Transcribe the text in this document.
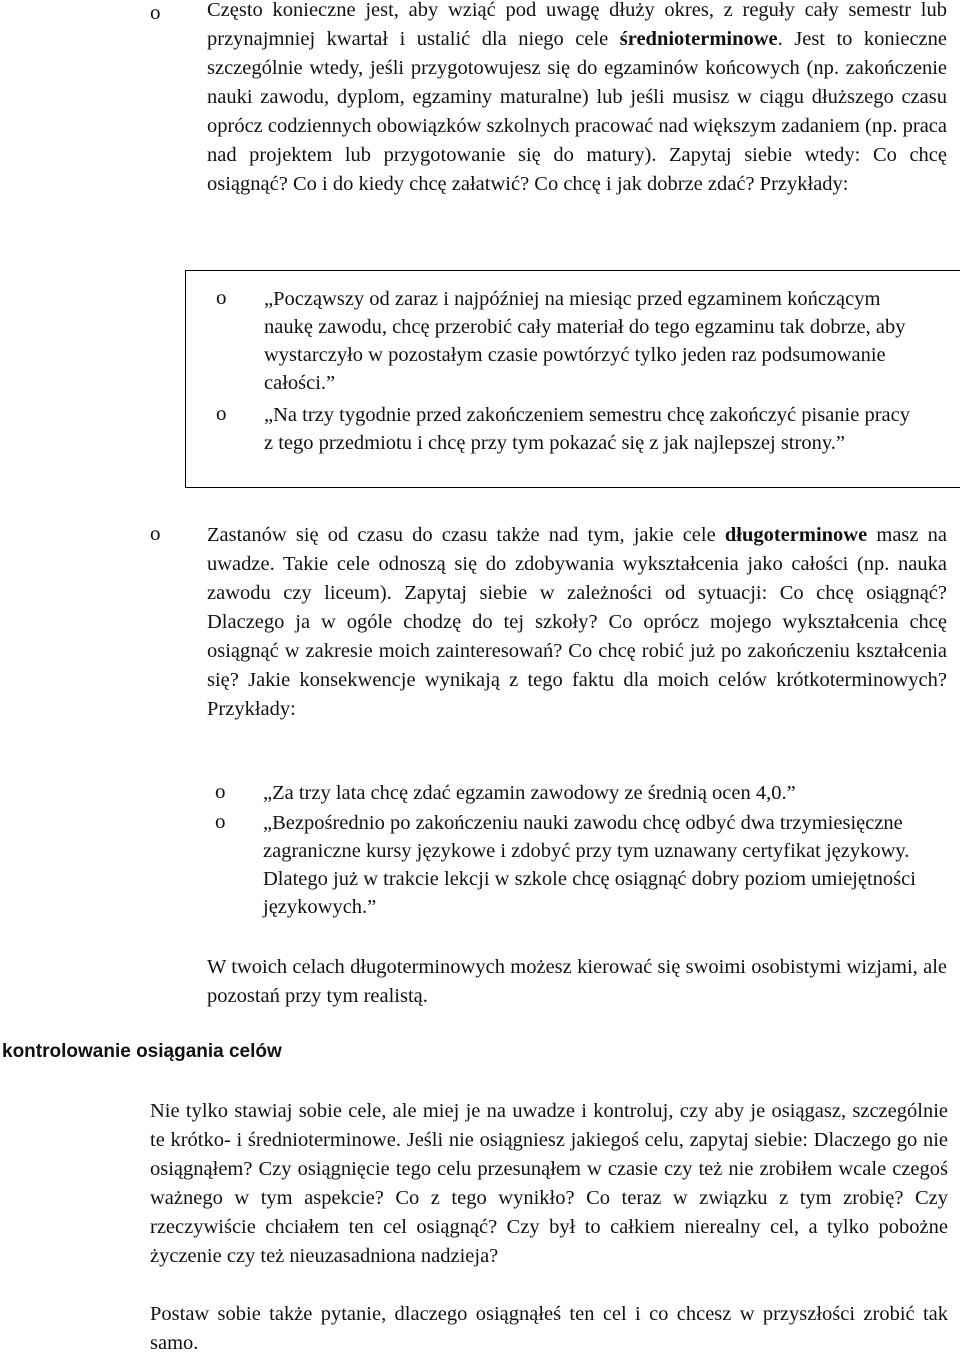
o Często konieczne jest, aby wziąć pod uwagę dłuży okres, z reguły cały semestr lub przynajmniej kwartał i ustalić dla niego cele średnioterminowe. Jest to konieczne szczególnie wtedy, jeśli przygotowujesz się do egzaminów końcowych (np. zakończenie nauki zawodu, dyplom, egzaminy maturalne) lub jeśli musisz w ciągu dłuższego czasu oprócz codziennych obowiązków szkolnych pracować nad większym zadaniem (np. praca nad projektem lub przygotowanie się do matury). Zapytaj siebie wtedy: Co chcę osiągnąć? Co i do kiedy chcę załatwić? Co chcę i jak dobrze zdać? Przykłady:
o „Począwszy od zaraz i najpóźniej na miesiąc przed egzaminem kończącym naukę zawodu, chcę przerobić cały materiał do tego egzaminu tak dobrze, aby wystarczyło w pozostałym czasie powtórzyć tylko jeden raz podsumowanie całości.”
o „Na trzy tygodnie przed zakończeniem semestru chcę zakończyć pisanie pracy z tego przedmiotu i chcę przy tym pokazać się z jak najlepszej strony.”
o Zastanów się od czasu do czasu także nad tym, jakie cele długoterminowe masz na uwadze. Takie cele odnoszą się do zdobywania wykształcenia jako całości (np. nauka zawodu czy liceum). Zapytaj siebie w zależności od sytuacji: Co chcę osiągnąć? Dlaczego ja w ogóle chodzę do tej szkoły? Co oprócz mojego wykształcenia chcę osiągnąć w zakresie moich zainteresowań? Co chcę robić już po zakończeniu kształcenia się? Jakie konsekwencje wynikają z tego faktu dla moich celów krótkoterminowych? Przykłady:
o „Za trzy lata chcę zdać egzamin zawodowy ze średnią ocen 4,0.”
o „Bezpośrednio po zakończeniu nauki zawodu chcę odbyć dwa trzymiesięczne zagraniczne kursy językowe i zdobyć przy tym uznawany certyfikat językowy. Dlatego już w trakcie lekcji w szkole chcę osiągnąć dobry poziom umiejętności językowych.”
W twoich celach długoterminowych możesz kierować się swoimi osobistymi wizjami, ale pozostań przy tym realistą.
kontrolowanie osiągania celów
Nie tylko stawiaj sobie cele, ale miej je na uwadze i kontroluj, czy aby je osiągasz, szczególnie te krótko- i średnioterminowe. Jeśli nie osiągniesz jakiegoś celu, zapytaj siebie: Dlaczego go nie osiągnąłem? Czy osiągnięcie tego celu przesunąłem w czasie czy też nie zrobiłem wcale czegoś ważnego w tym aspekcie? Co z tego wynikło? Co teraz w związku z tym zrobię? Czy rzeczywiście chciałem ten cel osiągnąć? Czy był to całkiem nierealny cel, a tylko pobożne życzenie czy też nieuzasadniona nadzieja?
Postaw sobie także pytanie, dlaczego osiągnąłeś ten cel i co chcesz w przyszłości zrobić tak samo.
